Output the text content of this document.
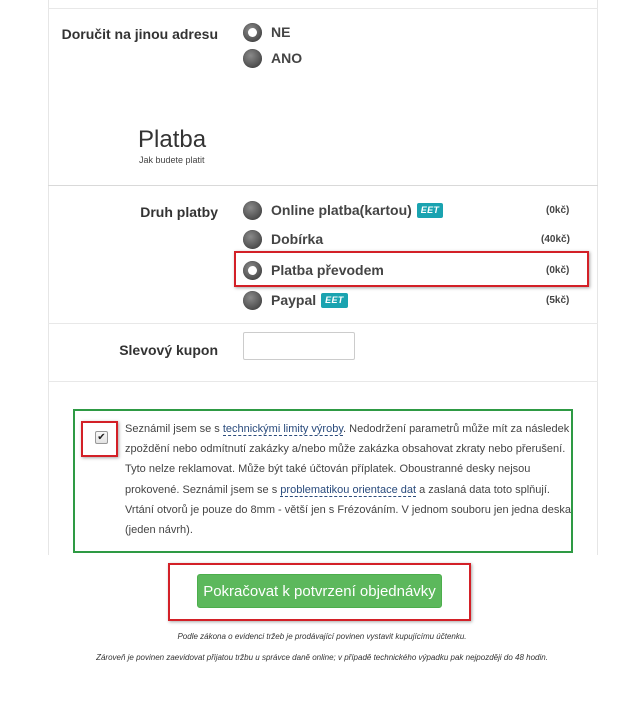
Doručit na jinou adresu	NE
ANO
Platba
Jak budete platit
Druh platby	Online platba(kartou)	EET	(0kč)
Dobírka	(40kč)
Platba převodem	(0kč)
Paypal	EET	(5kč)
Slevový kupon
✔
Seznámil jsem se s technickými limity výroby. Nedodržení parametrů může mít za následek zpoždění nebo odmítnutí zakázky a/nebo může zakázka obsahovat zkraty nebo přerušení. Tyto nelze reklamovat. Může být také účtován příplatek. Oboustranné desky nejsou prokovené. Seznámil jsem se s problematikou orientace dat a zaslaná data toto splňují. Vrtání otvorů je pouze do 8mm - větší jen s Frézováním. V jednom souboru jen jedna deska (jeden návrh).
Pokračovat k potvrzení objednávky
Podle zákona o evidenci tržeb je prodávající povinen vystavit kupujícímu účtenku.
Zároveň je povinen zaevidovat přijatou tržbu u správce daně online; v případě technického výpadku pak nejpozději do 48 hodin.
